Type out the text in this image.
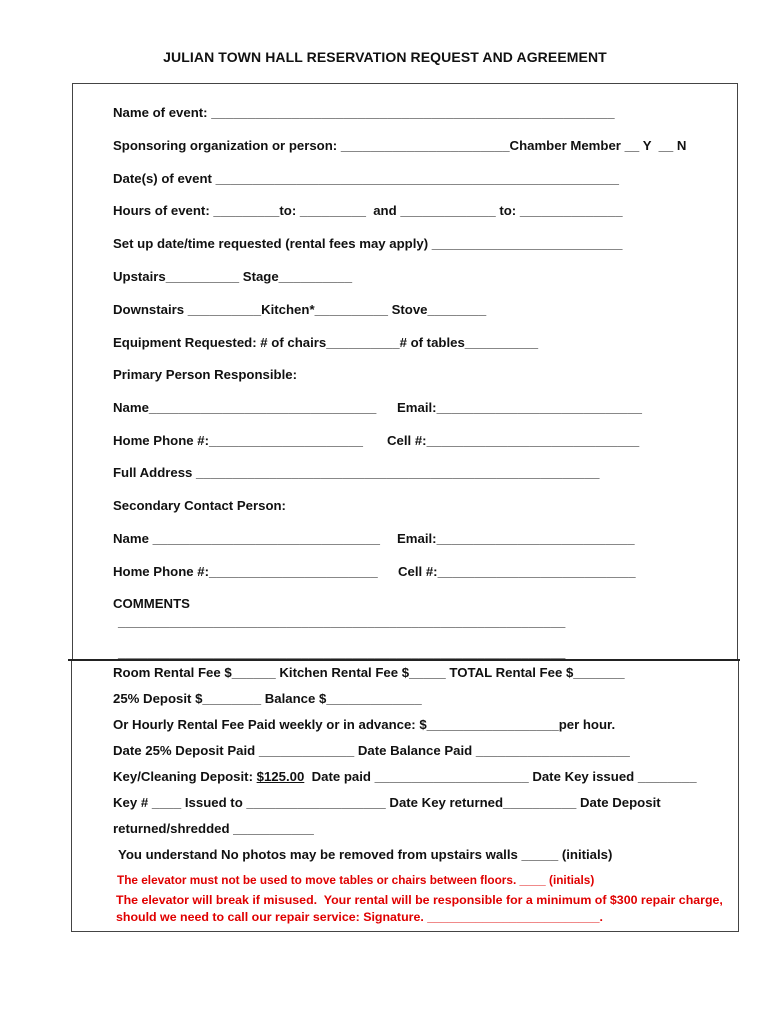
JULIAN TOWN HALL RESERVATION REQUEST AND AGREEMENT
Name of event: _______________________________________________________
Sponsoring organization or person: _______________________Chamber Member __ Y  __ N
Date(s) of event _______________________________________________________
Hours of event: _________to: _________  and _____________ to: ______________
Set up date/time requested (rental fees may apply) __________________________
Upstairs__________ Stage__________
Downstairs __________Kitchen*__________ Stove________
Equipment Requested: # of chairs__________# of tables__________
Primary Person Responsible:
Name_______________________________ Email:____________________________
Home Phone #:_____________________ Cell #:_____________________________
Full Address _______________________________________________________
Secondary Contact Person:
Name _______________________________ Email:___________________________
Home Phone #:_______________________ Cell #:___________________________
COMMENTS
_____________________________________________________________
_____________________________________________________________
Room Rental Fee $______ Kitchen Rental Fee $_____ TOTAL Rental Fee $_______
25% Deposit $________ Balance $_____________
Or Hourly Rental Fee Paid weekly or in advance: $__________________per hour.
Date 25% Deposit Paid _____________ Date Balance Paid _____________________
Key/Cleaning Deposit: $125.00  Date paid _____________________ Date Key issued ________
Key # ____ Issued to ___________________ Date Key returned__________ Date Deposit
returned/shredded ___________
You understand No photos may be removed from upstairs walls _____ (initials)
The elevator must not be used to move tables or chairs between floors. ____ (initials)
The elevator will break if misused.  Your rental will be responsible for a minimum of $300 repair charge,
should we need to call our repair service: Signature. _________________________.
